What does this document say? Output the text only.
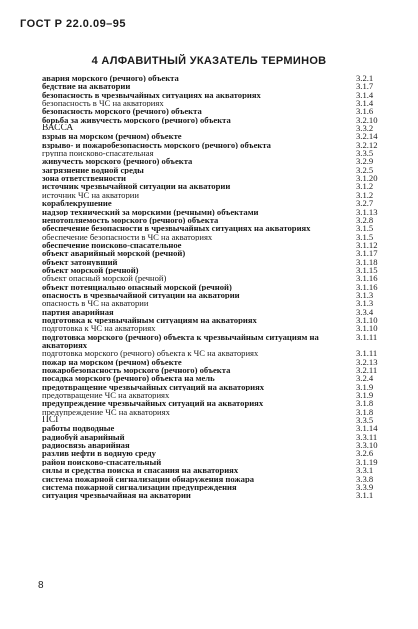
ГОСТ Р 22.0.09–95
4 АЛФАВИТНЫЙ УКАЗАТЕЛЬ ТЕРМИНОВ
авария морского (речного) объекта	3.2.1
бедствие на акватории	3.1.7
безопасность в чрезвычайных ситуациях на акваториях	3.1.4
безопасность в ЧС на акваториях	3.1.4
безопасность морского (речного) объекта	3.1.6
борьба за живучесть морского (речного) объекта	3.2.10
ВАССА	3.3.2
взрыв на морском (речном) объекте	3.2.14
взрыво- и пожаробезопасность морского (речного) объекта	3.2.12
группа поисково-спасательная	3.3.5
живучесть морского (речного) объекта	3.2.9
загрязнение водной среды	3.2.5
зона ответственности	3.1.20
источник чрезвычайной ситуации на акватории	3.1.2
источник ЧС на акватории	3.1.2
кораблекрушение	3.2.7
надзор технический за морскими (речными) объектами	3.1.13
непотопляемость морского (речного) объекта	3.2.8
обеспечение безопасности в чрезвычайных ситуациях на акваториях	3.1.5
обеспечение безопасности в ЧС на акваториях	3.1.5
обеспечение поисково-спасательное	3.1.12
объект аварийный морской (речной)	3.1.17
объект затонувший	3.1.18
объект морской (речной)	3.1.15
объект опасный морской (речной)	3.1.16
объект потенциально опасный морской (речной)	3.1.16
опасность в чрезвычайной ситуации на акватории	3.1.3
опасность в ЧС на акватории	3.1.3
партия аварийная	3.3.4
подготовка к чрезвычайным ситуациям на акваториях	3.1.10
подготовка к ЧС на акваториях	3.1.10
подготовка морского (речного) объекта к чрезвычайным ситуациям на акваториях
3.1.11
подготовка морского (речного) объекта к ЧС на акваториях	3.1.11
пожар на морском (речном) объекте	3.2.13
пожаробезопасность морского (речного) объекта	3.2.11
посадка морского (речного) объекта на мель	3.2.4
предотвращение чрезвычайных ситуаций на акваториях	3.1.9
предотвращение ЧС на акваториях	3.1.9
предупреждение чрезвычайных ситуаций на акваториях	3.1.8
предупреждение ЧС на акваториях	3.1.8
ПСГ	3.3.5
работы подводные	3.1.14
радиобуй аварийный	3.3.11
радиосвязь аварийная	3.3.10
разлив нефти в водную среду	3.2.6
район поисково-спасательный	3.1.19
силы и средства поиска и спасания на акваториях	3.3.1
система пожарной сигнализации обнаружения пожара	3.3.8
система пожарной сигнализации предупреждения	3.3.9
ситуация чрезвычайная на акватории	3.1.1
8
